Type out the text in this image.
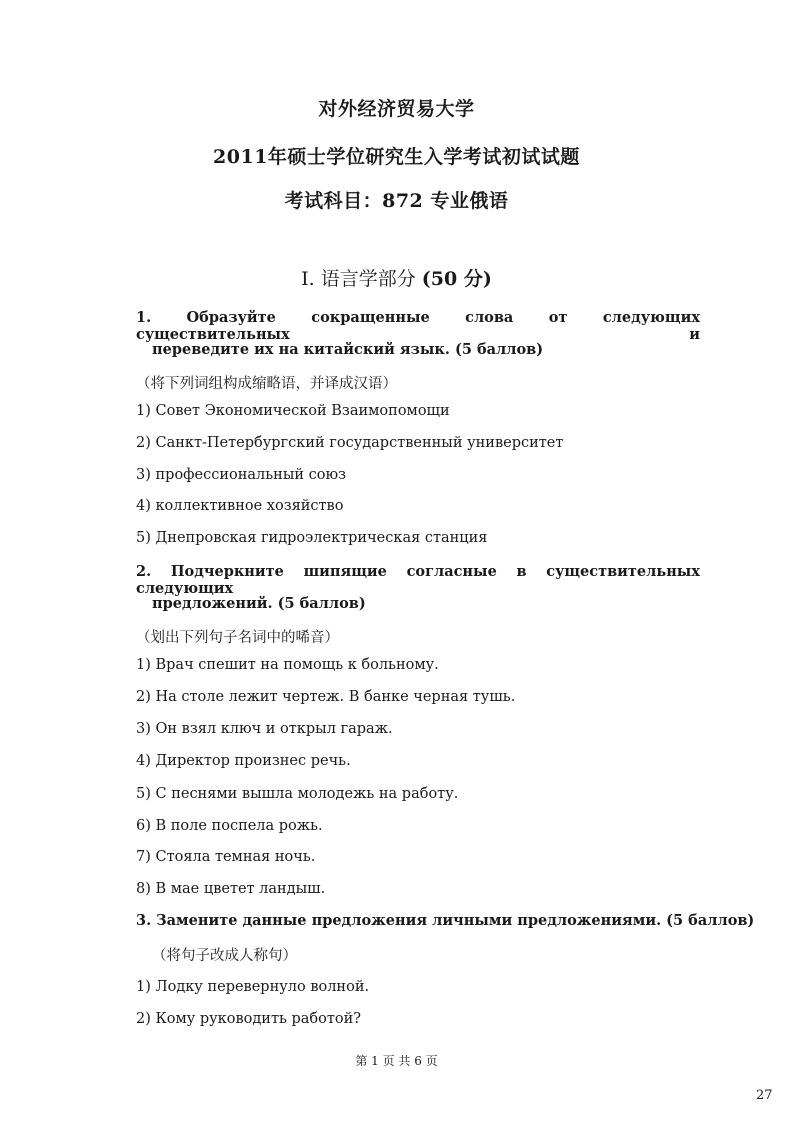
对外经济贸易大学
2011年硕士学位研究生入学考试初试试题
考试科目：872 专业俄语
Ⅰ. 语言学部分 (50 分)
1. Образуйте сокращенные слова от следующих существительных и
переведите их на китайский язык. (5 баллов)
（将下列词组构成缩略语，并译成汉语）
1) Совет Экономической Взаимопомощи
2) Санкт-Петербургский государственный университет
3) профессиональный союз
4) коллективное хозяйство
5) Днепровская гидроэлектрическая станция
2. Подчеркните шипящие согласные в существительных следующих
предложений. (5 баллов)
（划出下列句子名词中的唏音）
1) Врач спешит на помощь к больному.
2) На столе лежит чертеж. В банке черная тушь.
3) Он взял ключ и открыл гараж.
4) Директор произнес речь.
5) С песнями вышла молодежь на работу.
6) В поле поспела рожь.
7) Стояла темная ночь.
8) В мае цветет ландыш.
3. Замените данные предложения личными предложениями. (5 баллов)
（将句子改成人称句）
1) Лодку перевернуло волной.
2) Кому руководить работой?
第 1 页 共 6 页
27
